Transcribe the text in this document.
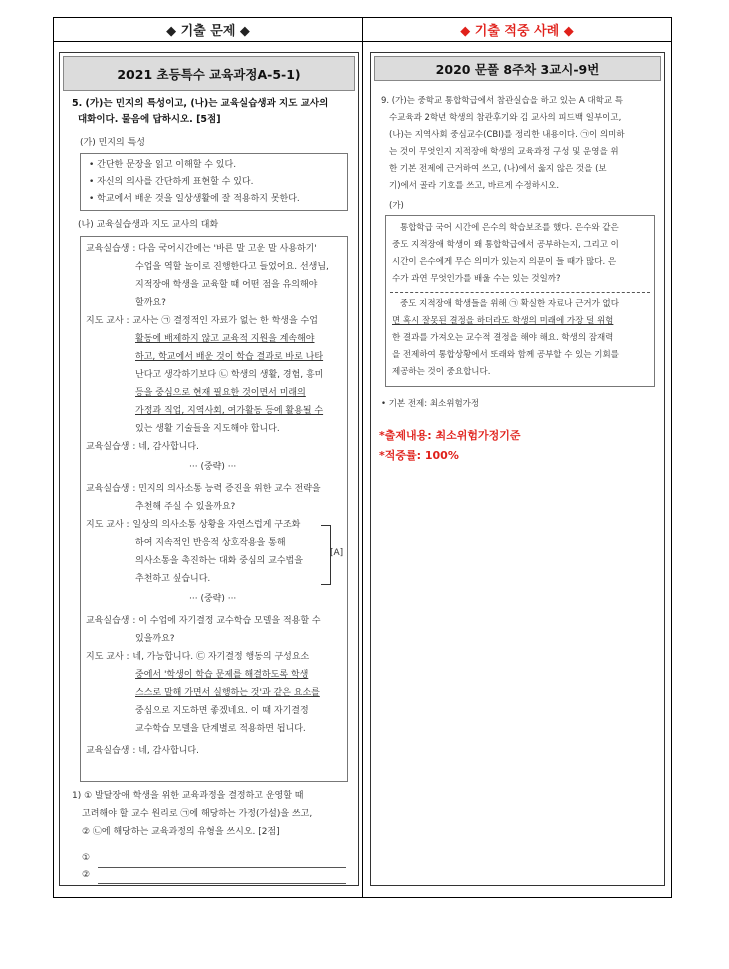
◆ 기출 문제 ◆	◆ 기출 적중 사례 ◆
2021 초등특수 교육과정A-5-1)
5. (가)는 민지의 특성이고, (나)는 교육실습생과 지도 교사의
대화이다. 물음에 답하시오. [5점]
(가) 민지의 특성
• 간단한 문장을 읽고 이해할 수 있다.
• 자신의 의사를 간단하게 표현할 수 있다.
• 학교에서 배운 것을 일상생활에 잘 적용하지 못한다.
(나) 교육실습생과 지도 교사의 대화
교육실습생 : 다음 국어시간에는 '바른 말 고운 말 사용하기'
수업을 역할 놀이로 진행한다고 들었어요. 선생님,
지적장애 학생을 교육할 때 어떤 점을 유의해야
할까요?
지도 교사 : 교사는 ㉠ 결정적인 자료가 없는 한 학생을 수업
활동에 배제하지 않고 교육적 지원을 계속해야
하고, 학교에서 배운 것이 학습 결과로 바로 나타
난다고 생각하기보다 ㉡ 학생의 생활, 경험, 흥미
등을 중심으로 현재 필요한 것이면서 미래의
가정과 직업, 지역사회, 여가활동 등에 활용될 수
있는 생활 기술들을 지도해야 합니다.
교육실습생 : 네, 감사합니다.
··· (중략) ···
교육실습생 : 민지의 의사소통 능력 증진을 위한 교수 전략을
추천해 주실 수 있을까요?
지도 교사 : 일상의 의사소통 상황을 자연스럽게 구조화
하여 지속적인 반응적 상호작용을 통해
의사소통을 촉진하는 대화 중심의 교수법을
추천하고 싶습니다.
[A]
··· (중략) ···
교육실습생 : 이 수업에 자기결정 교수학습 모델을 적용할 수
있을까요?
지도 교사 : 네, 가능합니다. ㉢ 자기결정 행동의 구성요소
중에서 '학생이 학습 문제를 해결하도록 학생
스스로 말해 가면서 실행하는 것'과 같은 요소를
중심으로 지도하면 좋겠네요. 이 때 자기결정
교수학습 모델을 단계별로 적용하면 됩니다.
교육실습생 : 네, 감사합니다.
1) ① 발달장애 학생을 위한 교육과정을 결정하고 운영할 때
고려해야 할 교수 원리로 ㉠에 해당하는 가정(가설)을 쓰고,
② ㉡에 해당하는 교육과정의 유형을 쓰시오. [2점]
①
②
2020 문풀 8주차 3교시-9번
9. (가)는 중학교 통합학급에서 참관실습을 하고 있는 A 대학교 특
수교육과 2학년 학생의 참관후기와 김 교사의 피드백 일부이고,
(나)는 지역사회 중심교수(CBI)를 정리한 내용이다. ㉠이 의미하
는 것이 무엇인지 지적장애 학생의 교육과정 구성 및 운영을 위
한 기본 전제에 근거하여 쓰고, (나)에서 옳지 않은 것을 (보
기)에서 골라 기호를 쓰고, 바르게 수정하시오.
(가)
통합학급 국어 시간에 은수의 학습보조를 했다. 은수와 같은
중도 지적장애 학생이 왜 통합학급에서 공부하는지, 그리고 이
시간이 은수에게 무슨 의미가 있는지 의문이 들 때가 많다. 은
수가 과연 무엇인가를 배울 수는 있는 것일까?
중도 지적장애 학생들을 위해 ㉠ 확실한 자료나 근거가 없다
면 혹시 잘못된 결정을 하더라도 학생의 미래에 가장 덜 위험
한 결과를 가져오는 교수적 결정을 해야 해요. 학생의 잠재력
을 전제하여 통합상황에서 또래와 함께 공부할 수 있는 기회를
제공하는 것이 중요합니다.
• 기본 전제: 최소위험가정
*출제내용: 최소위험가정기준
*적중률: 100%
